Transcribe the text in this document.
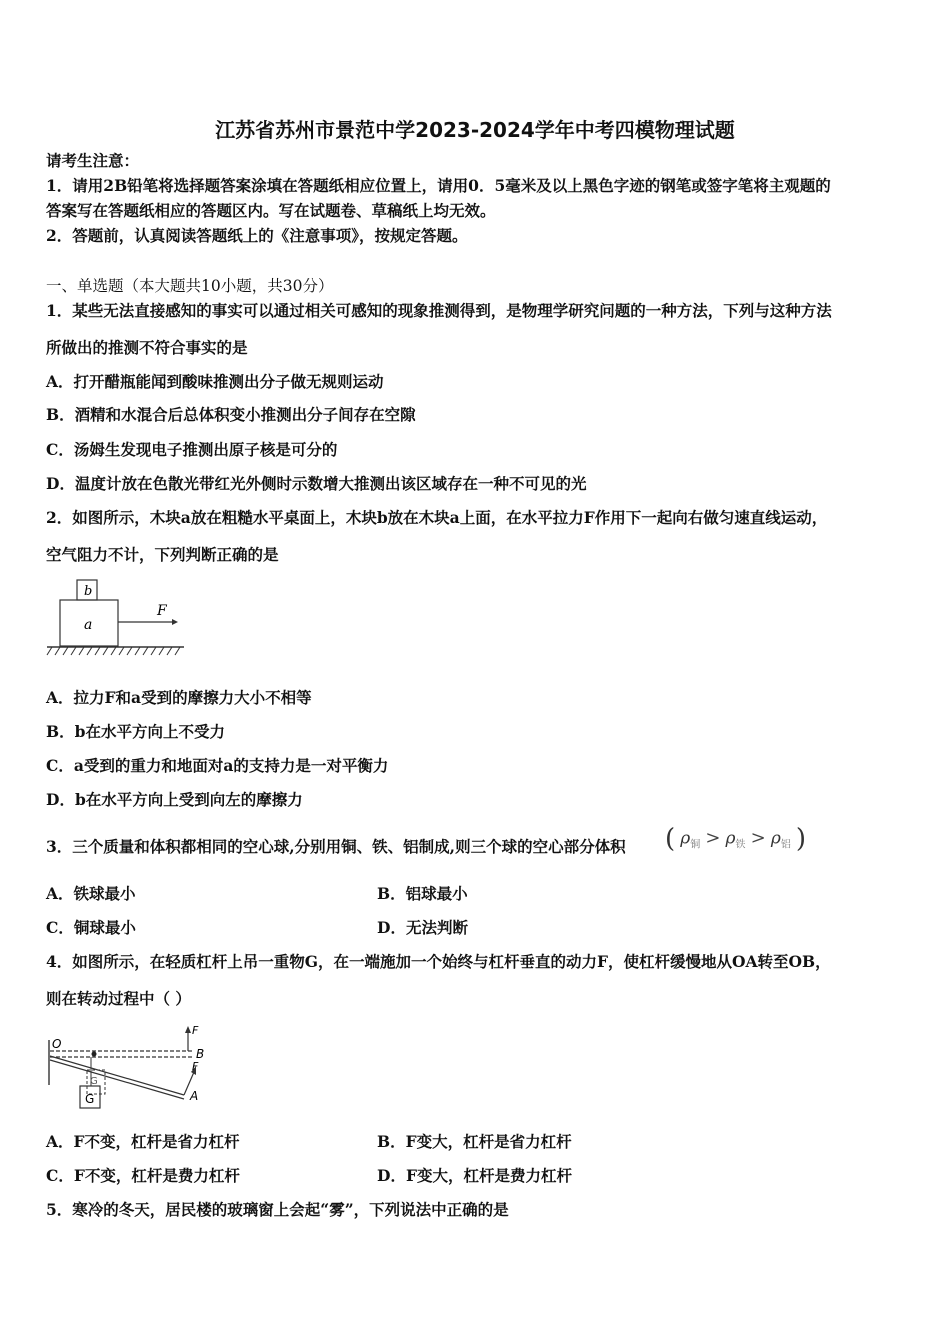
江苏省苏州市景范中学2023-2024学年中考四模物理试题
请考生注意：
1．请用2B铅笔将选择题答案涂填在答题纸相应位置上，请用0．5毫米及以上黑色字迹的钢笔或签字笔将主观题的
答案写在答题纸相应的答题区内。写在试题卷、草稿纸上均无效。
2．答题前，认真阅读答题纸上的《注意事项》，按规定答题。
一、单选题（本大题共10小题，共30分）
1．某些无法直接感知的事实可以通过相关可感知的现象推测得到，是物理学研究问题的一种方法，下列与这种方法
所做出的推测不符合事实的是
A．打开醋瓶能闻到酸味推测出分子做无规则运动
B．酒精和水混合后总体积变小推测出分子间存在空隙
C．汤姆生发现电子推测出原子核是可分的
D．温度计放在色散光带红光外侧时示数增大推测出该区域存在一种不可见的光
2．如图所示，木块a放在粗糙水平桌面上，木块b放在木块a上面，在水平拉力F作用下一起向右做匀速直线运动，
空气阻力不计，下列判断正确的是
b
a
F
A．拉力F和a受到的摩擦力大小不相等
B．b在水平方向上不受力
C．a受到的重力和地面对a的支持力是一对平衡力
D．b在水平方向上受到向左的摩擦力
3．三个质量和体积都相同的空心球,分别用铜、铁、铝制成,则三个球的空心部分体积 ( $\rho_铜 > \rho_铁 > \rho_铝$ )
A．铁球最小	B．铝球最小
C．铜球最小	D．无法判断
4．如图所示，在轻质杠杆上吊一重物G，在一端施加一个始终与杠杆垂直的动力F，使杠杆缓慢地从OA转至OB，
则在转动过程中（ ）
O
B
F
A
F
G
G
A．F不变，杠杆是省力杠杆	B．F变大，杠杆是省力杠杆
C．F不变，杠杆是费力杠杆	D．F变大，杠杆是费力杠杆
5．寒冷的冬天，居民楼的玻璃窗上会起“雾”，下列说法中正确的是
